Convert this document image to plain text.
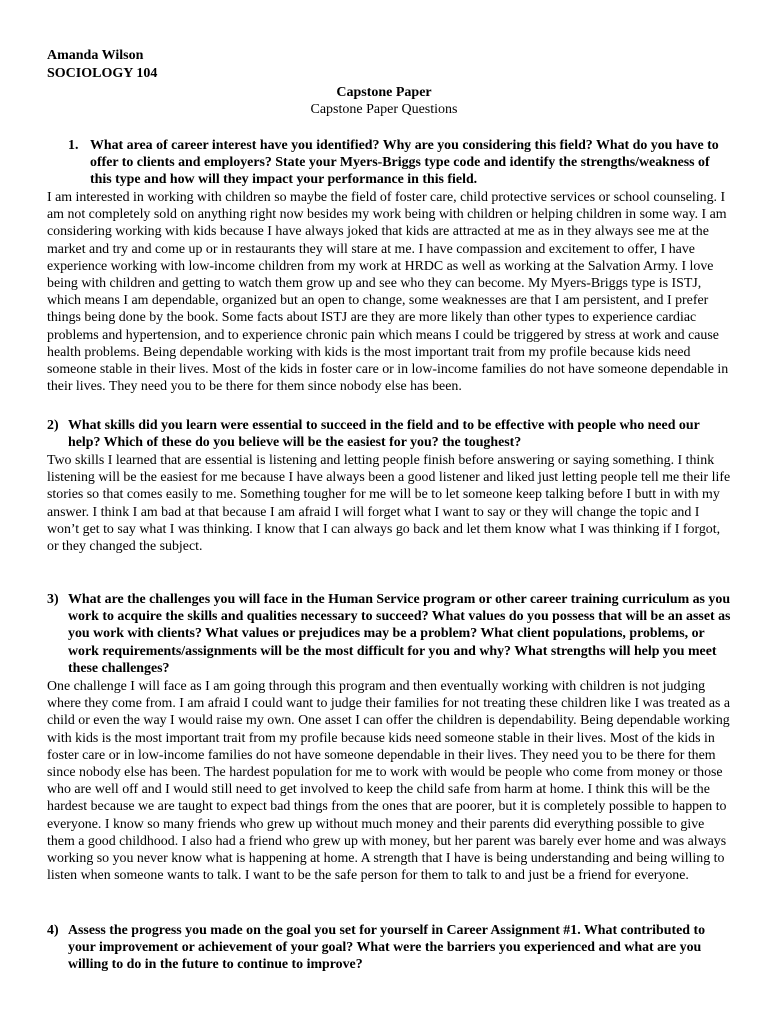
Amanda Wilson
SOCIOLOGY 104
Capstone Paper
Capstone Paper Questions
1. What area of career interest have you identified? Why are you considering this field? What do you have to offer to clients and employers? State your Myers-Briggs type code and identify the strengths/weakness of this type and how will they impact your performance in this field.

I am interested in working with children so maybe the field of foster care, child protective services or school counseling. I am not completely sold on anything right now besides my work being with children or helping children in some way. I am considering working with kids because I have always joked that kids are attracted at me as in they always see me at the market and try and come up or in restaurants they will stare at me. I have compassion and excitement to offer, I have experience working with low-income children from my work at HRDC as well as working at the Salvation Army. I love being with children and getting to watch them grow up and see who they can become. My Myers-Briggs type is ISTJ, which means I am dependable, organized but an open to change, some weaknesses are that I am persistent, and I prefer things being done by the book. Some facts about ISTJ are they are more likely than other types to experience cardiac problems and hypertension, and to experience chronic pain which means I could be triggered by stress at work and cause health problems. Being dependable working with kids is the most important trait from my profile because kids need someone stable in their lives. Most of the kids in foster care or in low-income families do not have someone dependable in their lives. They need you to be there for them since nobody else has been.

2) What skills did you learn were essential to succeed in the field and to be effective with people who need our help? Which of these do you believe will be the easiest for you? the toughest?

Two skills I learned that are essential is listening and letting people finish before answering or saying something. I think listening will be the easiest for me because I have always been a good listener and liked just letting people tell me their life stories so that comes easily to me. Something tougher for me will be to let someone keep talking before I butt in with my answer. I think I am bad at that because I am afraid I will forget what I want to say or they will change the topic and I won’t get to say what I was thinking. I know that I can always go back and let them know what I was thinking if I forgot, or they changed the subject.

3) What are the challenges you will face in the Human Service program or other career training curriculum as you work to acquire the skills and qualities necessary to succeed? What values do you possess that will be an asset as you work with clients? What values or prejudices may be a problem? What client populations, problems, or work requirements/assignments will be the most difficult for you and why? What strengths will help you meet these challenges?

One challenge I will face as I am going through this program and then eventually working with children is not judging where they come from. I am afraid I could want to judge their families for not treating these children like I was treated as a child or even the way I would raise my own. One asset I can offer the children is dependability. Being dependable working with kids is the most important trait from my profile because kids need someone stable in their lives. Most of the kids in foster care or in low-income families do not have someone dependable in their lives. They need you to be there for them since nobody else has been. The hardest population for me to work with would be people who come from money or those who are well off and I would still need to get involved to keep the child safe from harm at home. I think this will be the hardest because we are taught to expect bad things from the ones that are poorer, but it is completely possible to happen to everyone. I know so many friends who grew up without much money and their parents did everything possible to give them a good childhood. I also had a friend who grew up with money, but her parent was barely ever home and was always working so you never know what is happening at home. A strength that I have is being understanding and being willing to listen when someone wants to talk. I want to be the safe person for them to talk to and just be a friend for everyone.

4) Assess the progress you made on the goal you set for yourself in Career Assignment #1. What contributed to your improvement or achievement of your goal? What were the barriers you experienced and what are you willing to do in the future to continue to improve?
